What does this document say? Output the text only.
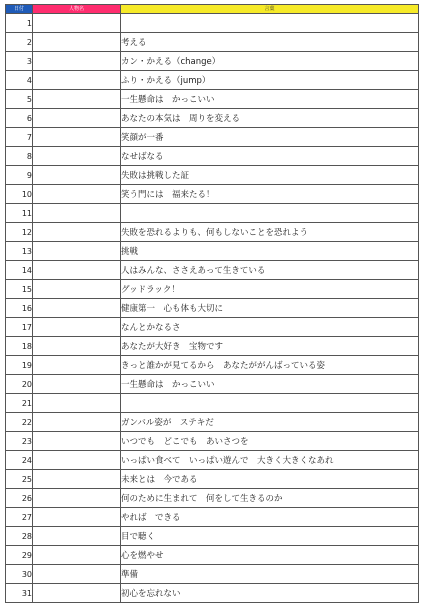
日付	人物名	言葉
1		
2		考える
3		カン・かえる（change）
4		ふり・かえる（jump）
5		一生懸命は　かっこいい
6		あなたの本気は　周りを変える
7		笑顔が一番
8		なせばなる
9		失敗は挑戦した証
10		笑う門には　福来たる！
11		
12		失敗を恐れるよりも、何もしないことを恐れよう
13		挑戦
14		人はみんな、ささえあって生きている
15		グッドラック！
16		健康第一　心も体も大切に
17		なんとかなるさ
18		あなたが大好き　宝物です
19		きっと誰かが見てるから　あなたががんばっている姿
20		一生懸命は　かっこいい
21		
22		ガンバル姿が　ステキだ
23		いつでも　どこでも　あいさつを
24		いっぱい食べて　いっぱい遊んで　大きく大きくなあれ
25		未来とは　今である
26		何のために生まれて　何をして生きるのか
27		やれば　できる
28		目で聴く
29		心を燃やせ
30		準備
31		初心を忘れない
